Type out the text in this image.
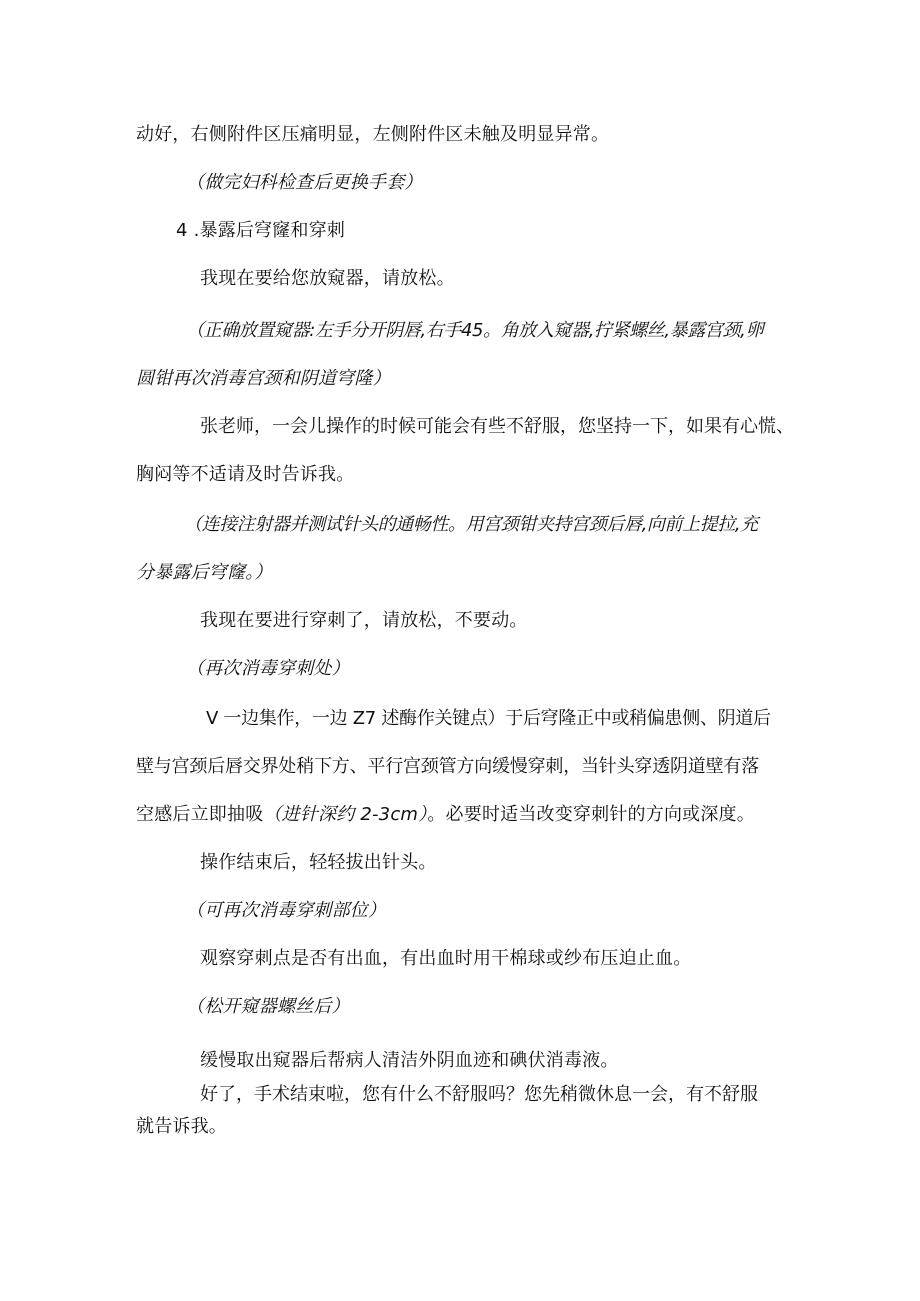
动好，右侧附件区压痛明显，左侧附件区未触及明显异常。
（做完妇科检查后更换手套）
4 .暴露后穹窿和穿刺
我现在要给您放窥器，请放松。
（正确放置窥器:左手分开阴唇,右手45。角放入窥器,拧紧螺丝,暴露宫颈,卵
圆钳再次消毒宫颈和阴道穹隆）
张老师，一会儿操作的时候可能会有些不舒服，您坚持一下，如果有心慌、
胸闷等不适请及时告诉我。
（连接注射器并测试针头的通畅性。用宫颈钳夹持宫颈后唇,向前上提拉,充
分暴露后穹窿。）
我现在要进行穿刺了，请放松，不要动。
（再次消毒穿刺处）
V 一边集作，一边 Z7 述酶作关键点）于后穹隆正中或稍偏患侧、阴道后
壁与宫颈后唇交界处稍下方、平行宫颈管方向缓慢穿刺，当针头穿透阴道壁有落
空感后立即抽吸（进针深约 2-3cm）。必要时适当改变穿刺针的方向或深度。
操作结束后，轻轻拔出针头。
（可再次消毒穿刺部位）
观察穿刺点是否有出血，有出血时用干棉球或纱布压迫止血。
（松开窥器螺丝后）
缓慢取出窥器后帮病人清洁外阴血迹和碘伏消毒液。
好了，手术结束啦，您有什么不舒服吗？您先稍微休息一会，有不舒服
就告诉我。
